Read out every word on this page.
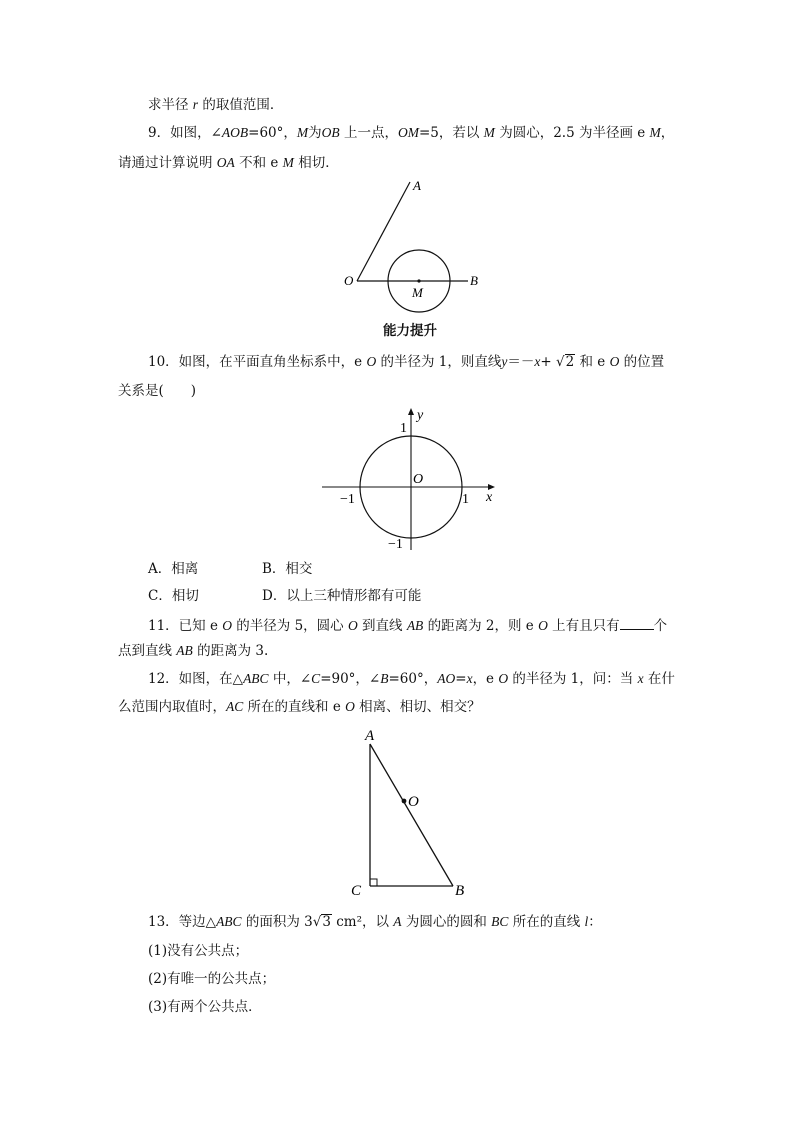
求半径 r 的取值范围．
9．如图，∠AOB=60°，M为OB 上一点，OM=5，若以 M 为圆心，2.5 为半径画 e M，
请通过计算说明 OA 不和 e M 相切．
A
O	B
M
能力提升
10．如图，在平面直角坐标系中，e O 的半径为 1，则直线y＝－x+ √2 和 e O 的位置
关系是(　　)
y
x
O
1
1
−1
−1
A．相离	B．相交
C．相切	D．以上三种情形都有可能
11．已知 e O 的半径为 5，圆心 O 到直线 AB 的距离为 2，则 e O 上有且只有	个
点到直线 AB 的距离为 3.
12．如图，在△ABC 中，∠C=90°，∠B=60°，AO=x，e O 的半径为 1，问：当 x 在什
么范围内取值时，AC 所在的直线和 e O 相离、相切、相交？
A
O
C	B
13．等边△ABC 的面积为 3√3 cm²，以 A 为圆心的圆和 BC 所在的直线 l：
(1)没有公共点；
(2)有唯一的公共点；
(3)有两个公共点．
